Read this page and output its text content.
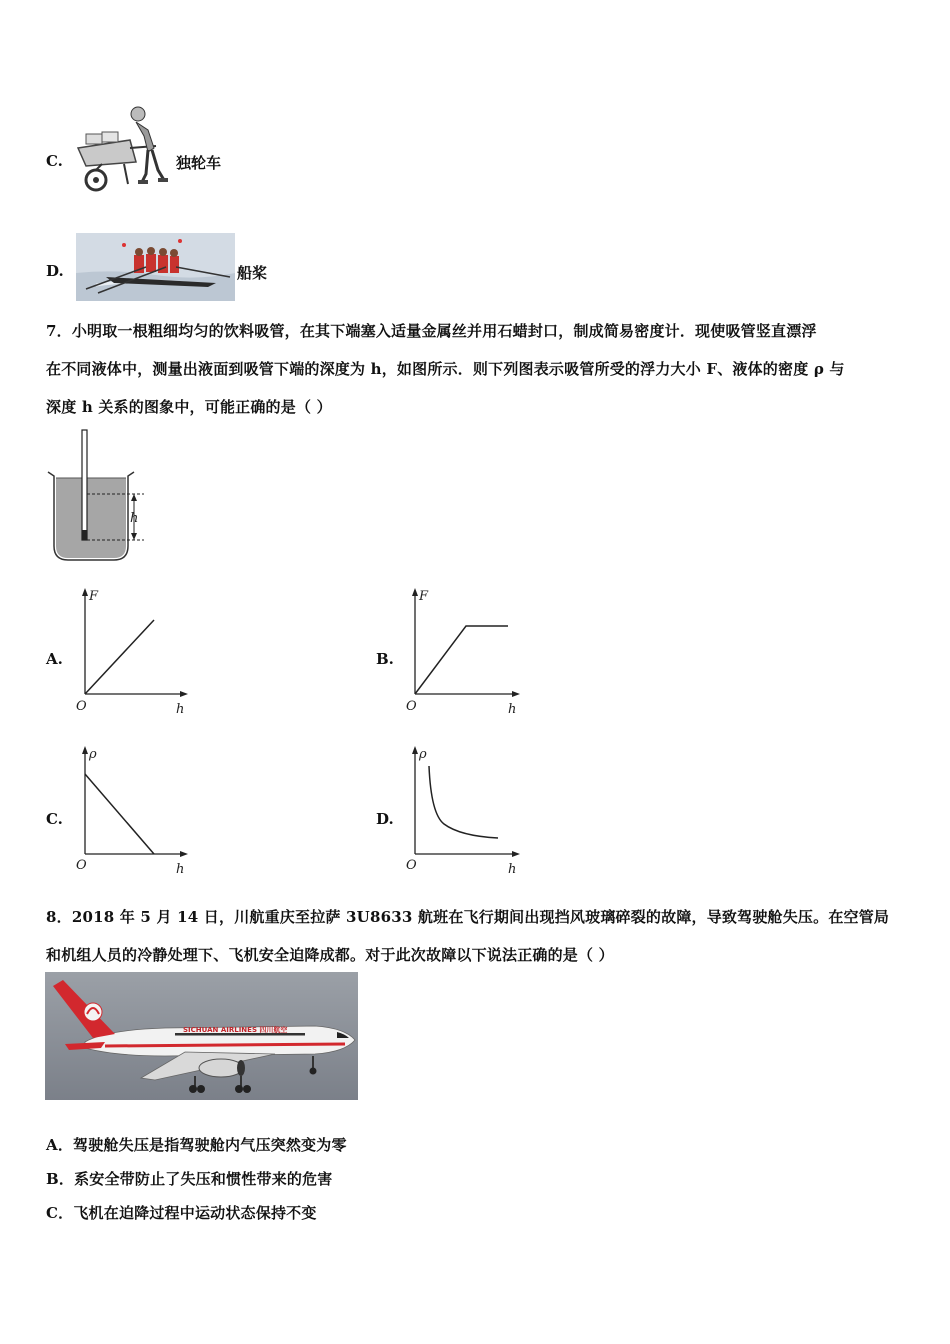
C.	独轮车
D.	船桨
7．小明取一根粗细均匀的饮料吸管，在其下端塞入适量金属丝并用石蜡封口，制成简易密度计．现使吸管竖直漂浮
在不同液体中，测量出液面到吸管下端的深度为 h，如图所示．则下列图表示吸管所受的浮力大小 F、液体的密度 ρ 与
深度 h 关系的图象中，可能正确的是（ ）
h
A.
F
h
O
B.
F
h
O
C.
ρ
h
O
D.
ρ
h
O
8．2018 年 5 月 14 日，川航重庆至拉萨 3U8633 航班在飞行期间出现挡风玻璃碎裂的故障，导致驾驶舱失压。在空管局
和机组人员的冷静处理下、飞机安全迫降成都。对于此次故障以下说法正确的是（ ）
SICHUAN AIRLINES 四川航空
A．驾驶舱失压是指驾驶舱内气压突然变为零
B．系安全带防止了失压和惯性带来的危害
C．飞机在迫降过程中运动状态保持不变
